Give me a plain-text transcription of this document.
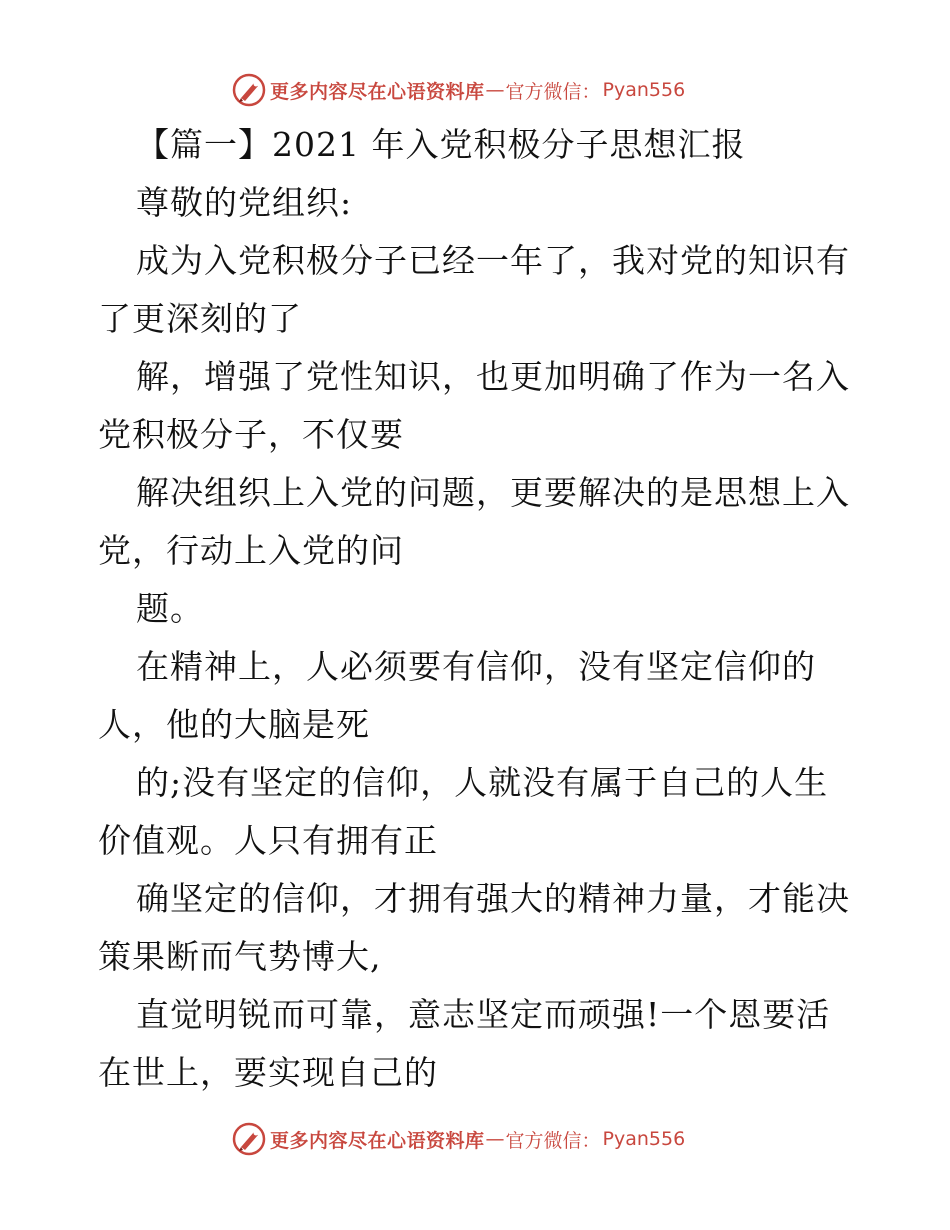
更多内容尽在心语资料库 — 官方微信： Pyan556

【篇一】2021 年入党积极分子思想汇报

尊敬的党组织:

成为入党积极分子已经一年了，我对党的知识有

了更深刻的了

解，增强了党性知识，也更加明确了作为一名入

党积极分子，不仅要

解决组织上入党的问题，更要解决的是思想上入

党，行动上入党的问

题。

在精神上，人必须要有信仰，没有坚定信仰的

人，他的大脑是死

的;没有坚定的信仰，人就没有属于自己的人生

价值观。人只有拥有正

确坚定的信仰，才拥有强大的精神力量，才能决

策果断而气势博大,

直觉明锐而可靠，意志坚定而顽强!一个恩要活

在世上，要实现自己的

更多内容尽在心语资料库 — 官方微信： Pyan556
